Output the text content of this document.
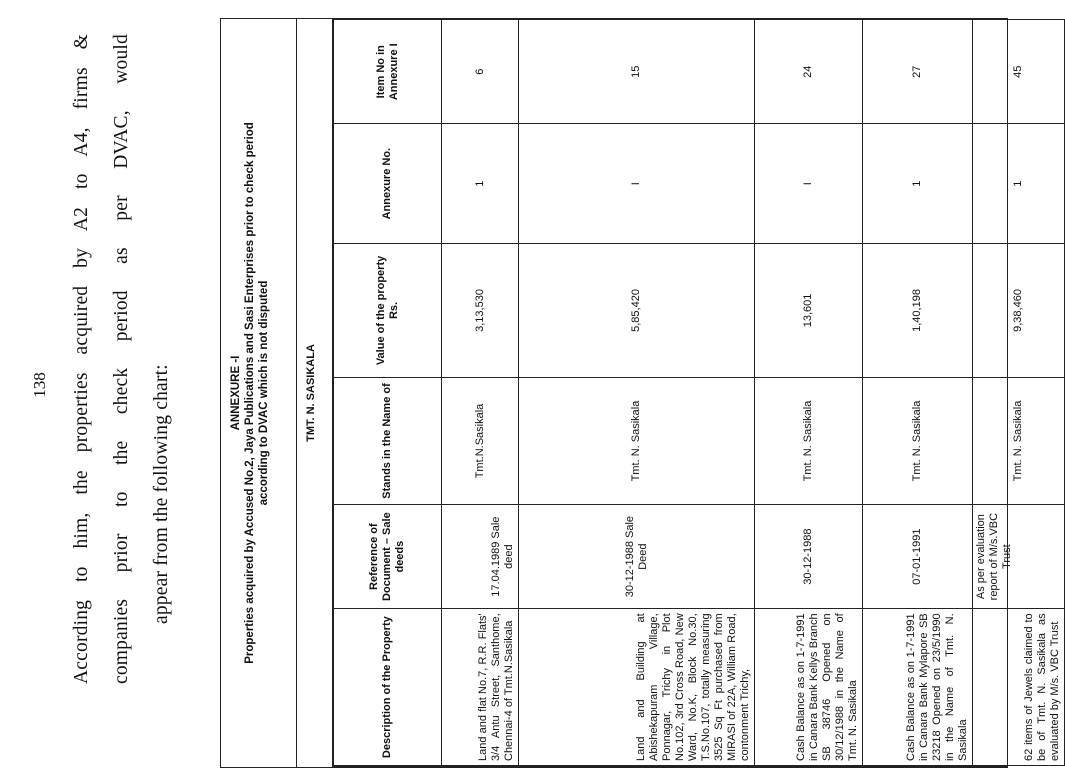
138	According to him, the properties acquired by A2 to A4, firms & companies prior to the check period as per DVAC, would appear from the following chart:	ANNEXURE -I Properties acquired by Accused No.2, Jaya Publications and Sasi Enterprises prior to check period according to DVAC which is not disputed	TMT. N. SASIKALA
Description of the Property	Reference of Document – Sale deeds	Stands in the Name of	Value of the property Rs.	Annexure No.	Item No in Annexure I
Land and flat No.7, R.R. Flats' 3/4 Antu Street, Santhome, Chennai-4 of Tmt.N.Sasikala	17.04.1989 Sale deed	Tmt.N.Sasikala	3,13,530	1	6
Land and Building at Abishekapuram Village, Ponnagar, Trichy in Plot No.102, 3rd Cross Road, New Ward, No.K, Block No.30, T.S.No.107, totally measuring 3525 Sq Ft purchased from MIRASI of 22A, William Road, contonment Trichy,	30-12-1988 Sale Deed	Tmt. N. Sasikala	5,85,420	I	15
Cash Balance as on 1-7-1991 in Canara Bank Kellys Branch SB 38746 Opened on 30/12/1988 in the Name of Tmt. N. Sasikala	30-12-1988	Tmt. N. Sasikala	13,601	I	24
Cash Balance as on 1-7-1991 in Canara Bank Mylapore SB 23218 Opened on 23/5/1990 in the Name of Tmt. N. Sasikala	07-01-1991	Tmt. N. Sasikala	1,40,198	1	27
62 items of Jewels claimed to be of Tmt. N. Sasikala as evaluated by M/s. VBC Trust	As per evaluation report of M/s.VBC Trust	Tmt. N. Sasikala	9,38,460	1	45
